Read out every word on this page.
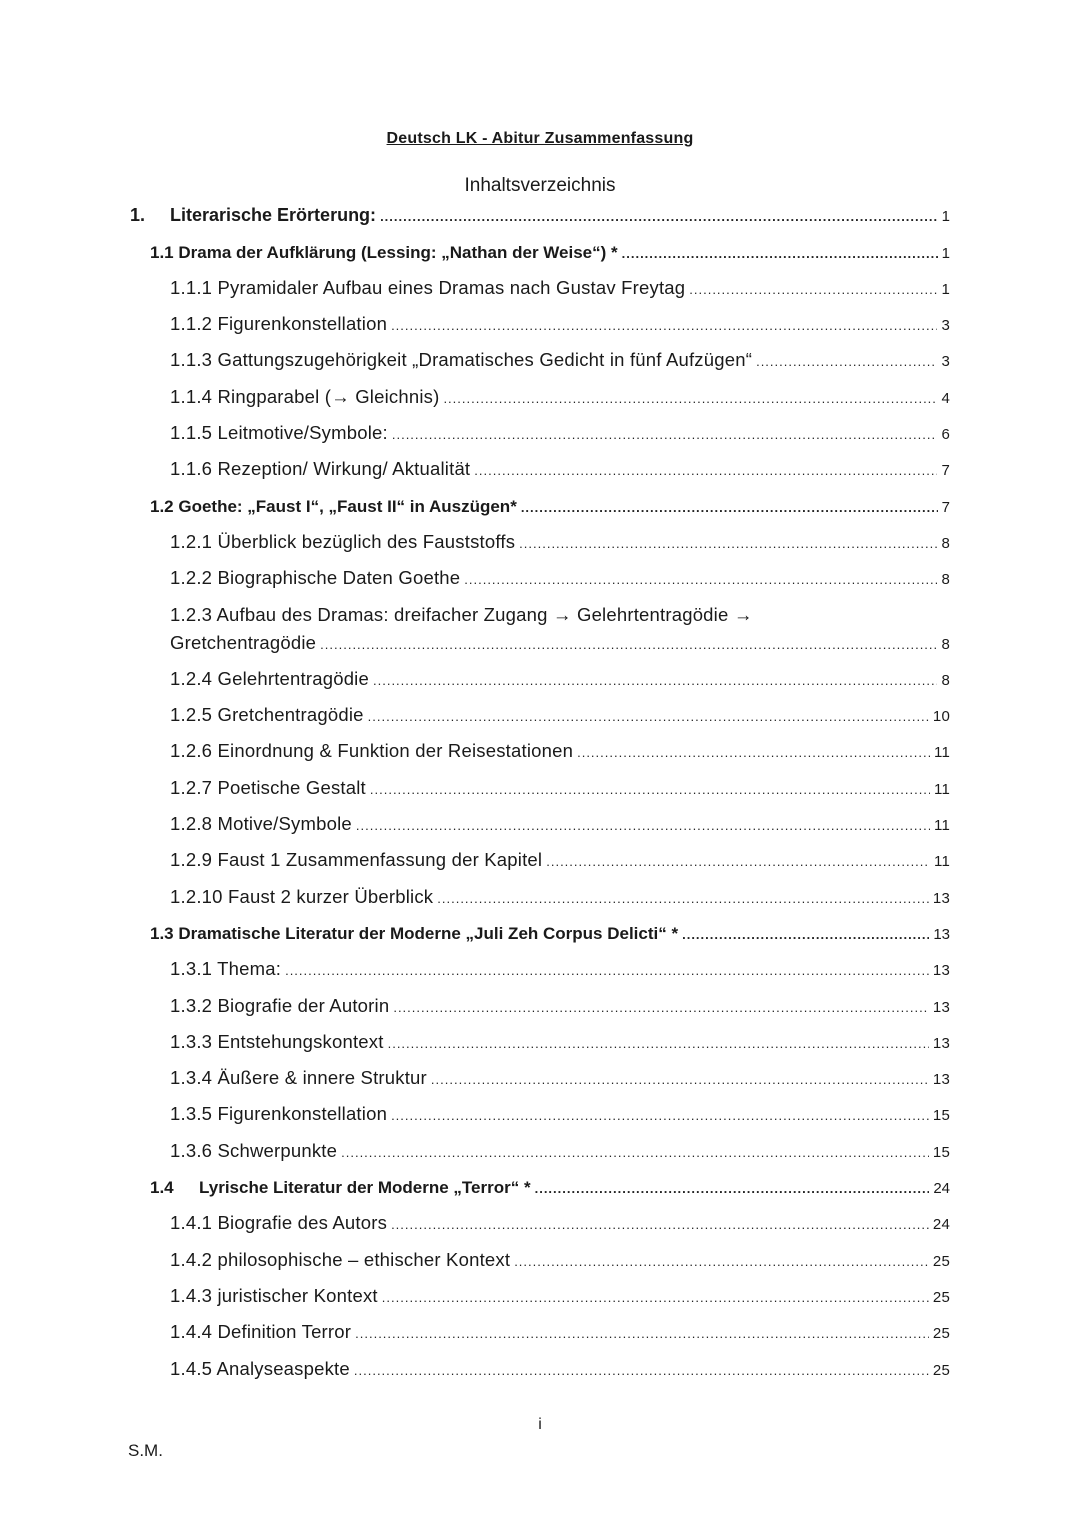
Deutsch LK - Abitur Zusammenfassung
Inhaltsverzeichnis
1.	Literarische Erörterung: .....	1
1.1 Drama der Aufklärung (Lessing: „Nathan der Weise“) * .....	1
1.1.1 Pyramidaler Aufbau eines Dramas nach Gustav Freytag .....	1
1.1.2 Figurenkonstellation .....	3
1.1.3 Gattungszugehörigkeit „Dramatisches Gedicht in fünf Aufzügen“ .....	3
1.1.4 Ringparabel (→ Gleichnis) .....	4
1.1.5 Leitmotive/Symbole: .....	6
1.1.6 Rezeption/ Wirkung/ Aktualität .....	7
1.2 Goethe: „Faust I“, „Faust II“ in Auszügen* .....	7
1.2.1 Überblick bezüglich des Fauststoffs .....	8
1.2.2 Biographische Daten Goethe .....	8
1.2.3 Aufbau des Dramas: dreifacher Zugang → Gelehrtentragödie →
Gretchentragödie .....	8
1.2.4 Gelehrtentragödie .....	8
1.2.5 Gretchentragödie .....	10
1.2.6 Einordnung & Funktion der Reisestationen .....	11
1.2.7 Poetische Gestalt .....	11
1.2.8 Motive/Symbole .....	11
1.2.9 Faust 1 Zusammenfassung der Kapitel .....	11
1.2.10 Faust 2 kurzer Überblick .....	13
1.3 Dramatische Literatur der Moderne „Juli Zeh Corpus Delicti“ * .....	13
1.3.1 Thema: .....	13
1.3.2 Biografie der Autorin .....	13
1.3.3 Entstehungskontext .....	13
1.3.4 Äußere & innere Struktur .....	13
1.3.5 Figurenkonstellation .....	15
1.3.6 Schwerpunkte .....	15
1.4	Lyrische Literatur der Moderne „Terror“ * .....	24
1.4.1 Biografie des Autors .....	24
1.4.2 philosophische – ethischer Kontext .....	25
1.4.3 juristischer Kontext .....	25
1.4.4 Definition Terror .....	25
1.4.5 Analyseaspekte .....	25
i
S.M.
